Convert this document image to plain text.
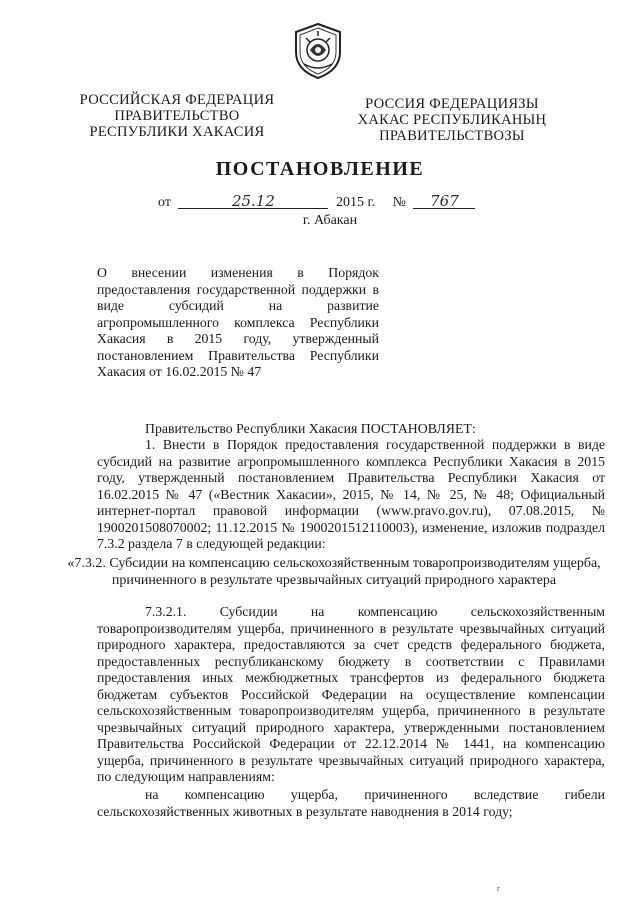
РОССИЙСКАЯ ФЕДЕРАЦИЯ
ПРАВИТЕЛЬСТВО
РЕСПУБЛИКИ ХАКАСИЯ
РОССИЯ ФЕДЕРАЦИЯЗЫ
ХАКАС РЕСПУБЛИКАНЫҢ
ПРАВИТЕЛЬСТВОЗЫ
ПОСТАНОВЛЕНИЕ
от	25.12	2015 г. № 767
г. Абакан
О внесении изменения в Порядок предоставления государственной поддержки в виде субсидий на развитие агропромышленного комплекса Республики Хакасия в 2015 году, утвержденный постановлением Правительства Республики Хакасия от 16.02.2015 № 47
Правительство Республики Хакасия ПОСТАНОВЛЯЕТ:
1. Внести в Порядок предоставления государственной поддержки в виде субсидий на развитие агропромышленного комплекса Республики Хакасия в 2015 году, утвержденный постановлением Правительства Республики Хакасия от 16.02.2015 № 47 («Вестник Хакасии», 2015, № 14, № 25, № 48; Официальный интернет-портал правовой информации (www.pravo.gov.ru), 07.08.2015, № 1900201508070002; 11.12.2015 № 1900201512110003), изменение, изложив подраздел 7.3.2 раздела 7 в следующей редакции:
«7.3.2. Субсидии на компенсацию сельскохозяйственным товаропроизводителям ущерба, причиненного в результате чрезвычайных ситуаций природного характера
7.3.2.1. Субсидии на компенсацию сельскохозяйственным товаропроизводителям ущерба, причиненного в результате чрезвычайных ситуаций природного характера, предоставляются за счет средств федерального бюджета, предоставленных республиканскому бюджету в соответствии с Правилами предоставления иных межбюджетных трансфертов из федерального бюджета бюджетам субъектов Российской Федерации на осуществление компенсации сельскохозяйственным товаропроизводителям ущерба, причиненного в результате чрезвычайных ситуаций природного характера, утвержденными постановлением Правительства Российской Федерации от 22.12.2014 № 1441, на компенсацию ущерба, причиненного в результате чрезвычайных ситуаций природного характера, по следующим направлениям:
на компенсацию ущерба, причиненного вследствие гибели сельскохозяйственных животных в результате наводнения в 2014 году;
r
